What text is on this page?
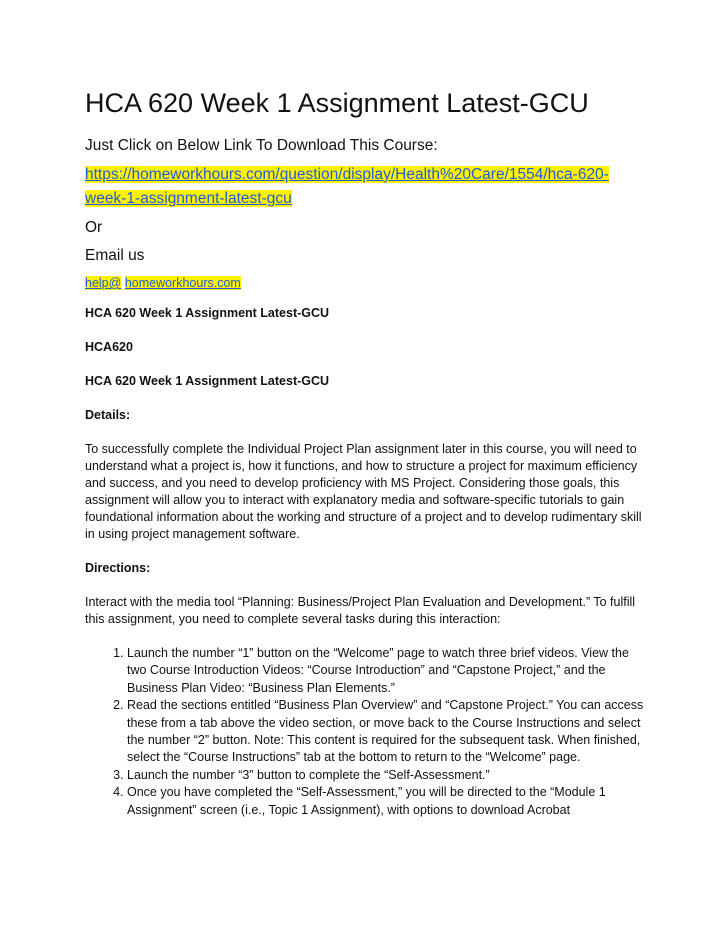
HCA 620 Week 1 Assignment Latest-GCU

Just Click on Below Link To Download This Course:

https://homeworkhours.com/question/display/Health%20Care/1554/hca-620-week-1-assignment-latest-gcu

Or

Email us

help@ homeworkhours.com

HCA 620 Week 1 Assignment Latest-GCU

HCA620

HCA 620 Week 1 Assignment Latest-GCU

Details:

To successfully complete the Individual Project Plan assignment later in this course, you will need to understand what a project is, how it functions, and how to structure a project for maximum efficiency and success, and you need to develop proficiency with MS Project. Considering those goals, this assignment will allow you to interact with explanatory media and software-specific tutorials to gain foundational information about the working and structure of a project and to develop rudimentary skill in using project management software.

Directions:

Interact with the media tool “Planning: Business/Project Plan Evaluation and Development.” To fulfill this assignment, you need to complete several tasks during this interaction:

1. Launch the number “1” button on the “Welcome” page to watch three brief videos. View the two Course Introduction Videos: “Course Introduction” and “Capstone Project,” and the Business Plan Video: “Business Plan Elements.”
2. Read the sections entitled “Business Plan Overview” and “Capstone Project.” You can access these from a tab above the video section, or move back to the Course Instructions and select the number “2” button. Note: This content is required for the subsequent task. When finished, select the “Course Instructions” tab at the bottom to return to the “Welcome” page.
3. Launch the number “3” button to complete the “Self-Assessment.”
4. Once you have completed the “Self-Assessment,” you will be directed to the “Module 1 Assignment” screen (i.e., Topic 1 Assignment), with options to download Acrobat
